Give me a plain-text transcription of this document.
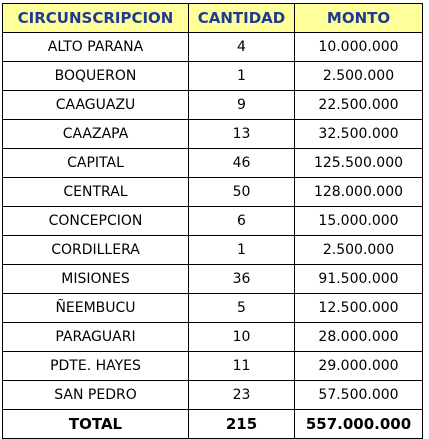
CIRCUNSCRIPCION	CANTIDAD	MONTO
ALTO PARANA	4	10.000.000
BOQUERON	1	2.500.000
CAAGUAZU	9	22.500.000
CAAZAPA	13	32.500.000
CAPITAL	46	125.500.000
CENTRAL	50	128.000.000
CONCEPCION	6	15.000.000
CORDILLERA	1	2.500.000
MISIONES	36	91.500.000
ÑEEMBUCU	5	12.500.000
PARAGUARI	10	28.000.000
PDTE. HAYES	11	29.000.000
SAN PEDRO	23	57.500.000
TOTAL	215	557.000.000
